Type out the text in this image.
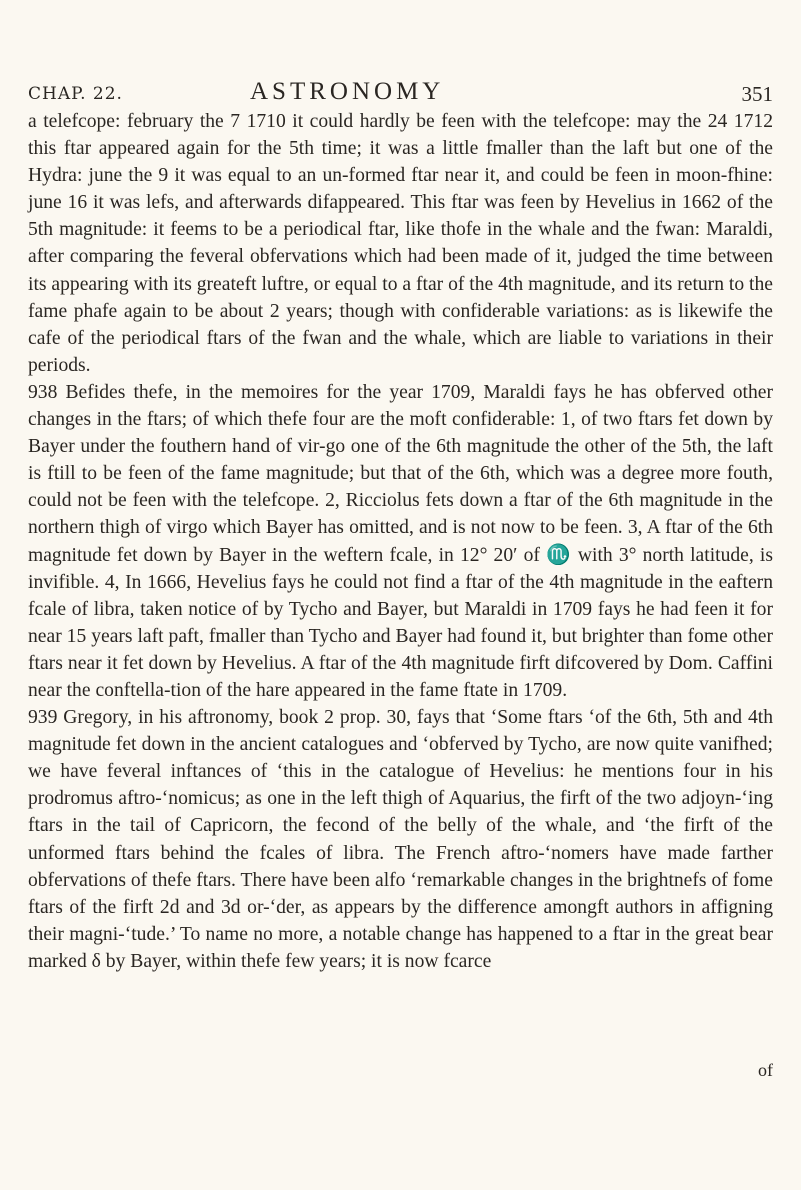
CHAP. 22.	ASTRONOMY	351

a telefcope: february the 7 1710 it could hardly be feen with the telefcope: may the 24 1712 this ftar appeared again for the 5th time; it was a little fmaller than the laft but one of the Hydra: june the 9 it was equal to an un-formed ftar near it, and could be feen in moon-fhine: june 16 it was lefs, and afterwards difappeared. This ftar was feen by Hevelius in 1662 of the 5th magnitude: it feems to be a periodical ftar, like thofe in the whale and the fwan: Maraldi, after comparing the feveral obfervations which had been made of it, judged the time between its appearing with its greateft luftre, or equal to a ftar of the 4th magnitude, and its return to the fame phafe again to be about 2 years; though with confiderable variations: as is likewife the cafe of the periodical ftars of the fwan and the whale, which are liable to variations in their periods.

938 Befides thefe, in the memoires for the year 1709, Maraldi fays he has obferved other changes in the ftars; of which thefe four are the moft confiderable: 1, of two ftars fet down by Bayer under the fouthern hand of vir-go one of the 6th magnitude the other of the 5th, the laft is ftill to be feen of the fame magnitude; but that of the 6th, which was a degree more fouth, could not be feen with the telefcope. 2, Ricciolus fets down a ftar of the 6th magnitude in the northern thigh of virgo which Bayer has omitted, and is not now to be feen. 3, A ftar of the 6th magnitude fet down by Bayer in the weftern fcale, in 12° 20′ of ♏ with 3° north latitude, is invifible. 4, In 1666, Hevelius fays he could not find a ftar of the 4th magnitude in the eaftern fcale of libra, taken notice of by Tycho and Bayer, but Maraldi in 1709 fays he had feen it for near 15 years laft paft, fmaller than Tycho and Bayer had found it, but brighter than fome other ftars near it fet down by Hevelius. A ftar of the 4th magnitude firft difcovered by Dom. Caffini near the conftella-tion of the hare appeared in the fame ftate in 1709.

939 Gregory, in his aftronomy, book 2 prop. 30, fays that ‘Some ftars ‘of the 6th, 5th and 4th magnitude fet down in the ancient catalogues and ‘obferved by Tycho, are now quite vanifhed; we have feveral inftances of ‘this in the catalogue of Hevelius: he mentions four in his prodromus aftro-‘nomicus; as one in the left thigh of Aquarius, the firft of the two adjoyn-‘ing ftars in the tail of Capricorn, the fecond of the belly of the whale, and ‘the firft of the unformed ftars behind the fcales of libra. The French aftro-‘nomers have made farther obfervations of thefe ftars. There have been alfo ‘remarkable changes in the brightnefs of fome ftars of the firft 2d and 3d or-‘der, as appears by the difference amongft authors in affigning their magni-‘tude.’ To name no more, a notable change has happened to a ftar in the great bear marked δ by Bayer, within thefe few years; it is now fcarce

of
